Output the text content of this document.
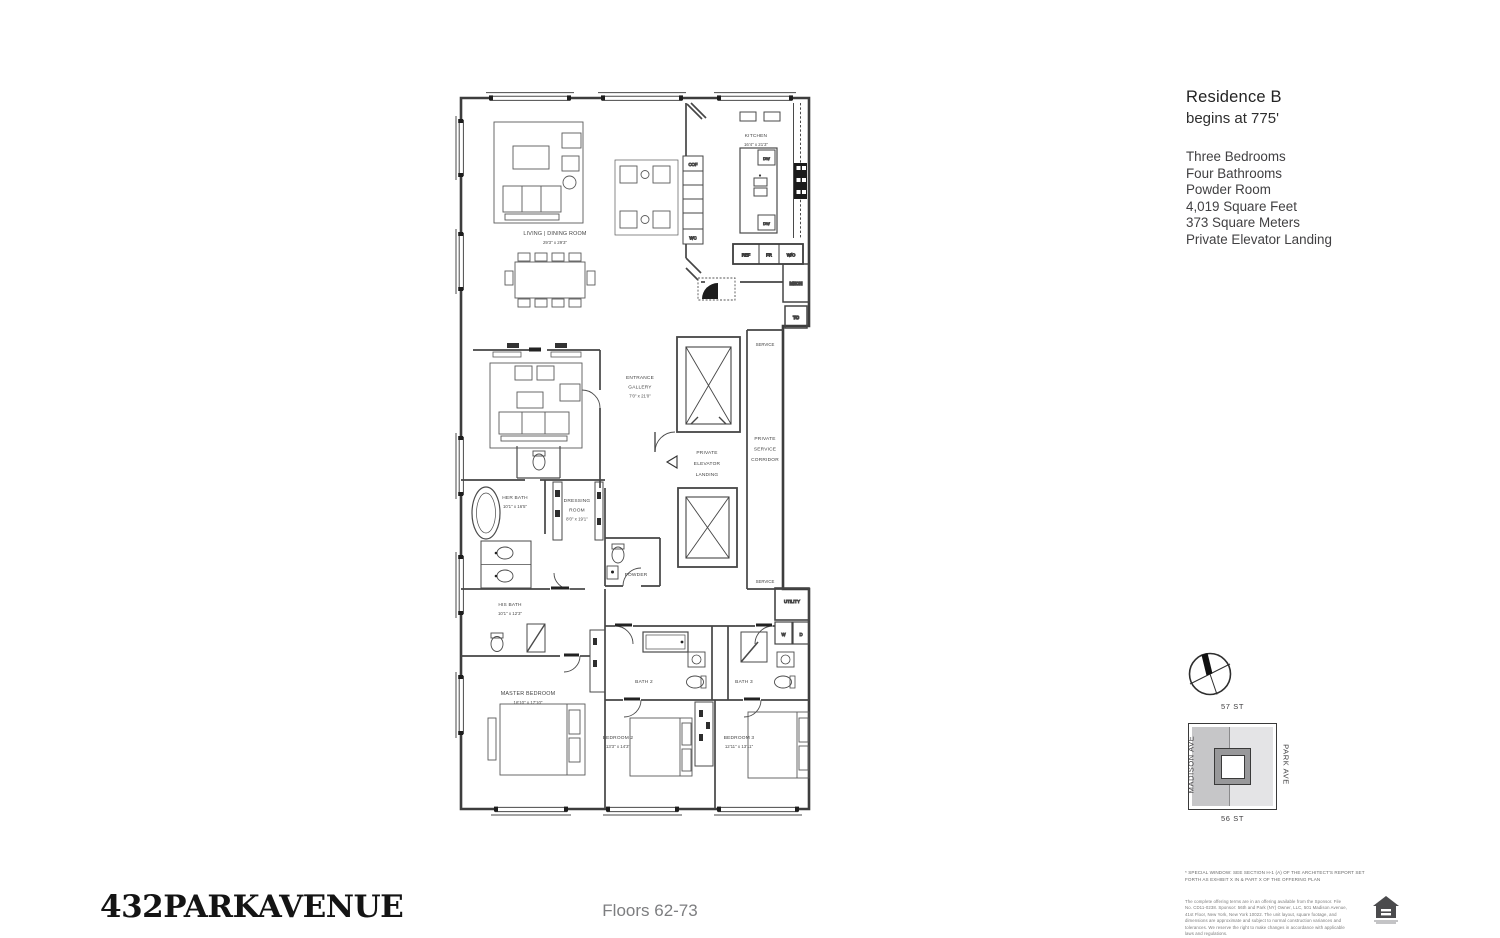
COF
WC
DW
DW
KITCHEN
16'4" x 21'3"
REF	FR	W/O
MECH
TC
LIVING | DINING ROOM
29'3" x 29'3"
ENTRANCE
GALLERY
7'0" x 21'0"
PRIVATE
ELEVATOR
LANDING
PRIVATE
SERVICE
CORRIDOR
SERVICE
SERVICE
HER BATH
10'1" x 16'5"
DRESSING
ROOM
8'0" x 19'1"
POWDER
HIS BATH
10'1" x 12'3"
UTILITY
W	D
BATH 2	BATH 3
MASTER BEDROOM
16'10" x 17'10"
BEDROOM 2
13'3" x 14'3"
BEDROOM 3
12'11" x 13'11"
Residence B
begins at 775'
Three Bedrooms
Four Bathrooms
Powder Room
4,019 Square Feet
373 Square Meters
Private Elevator Landing
57 ST
56 ST
MADISON AVE	PARK AVE
432PARKAVENUE	Floors 62-73
* SPECIAL WINDOW: SEE SECTION H-1 (A) OF THE ARCHITECT'S REPORT SET FORTH AS EXHIBIT X IN & PART X OF THE OFFERING PLAN
The complete offering terms are in an offering available from the Sponsor. File No. CD11-0238. Sponsor: 56th and Park (NY) Owner, LLC, 501 Madison Avenue, 41st Floor, New York, New York 10022. The unit layout, square footage, and dimensions are approximate and subject to normal construction variances and tolerances. We reserve the right to make changes in accordance with applicable laws and regulations.
